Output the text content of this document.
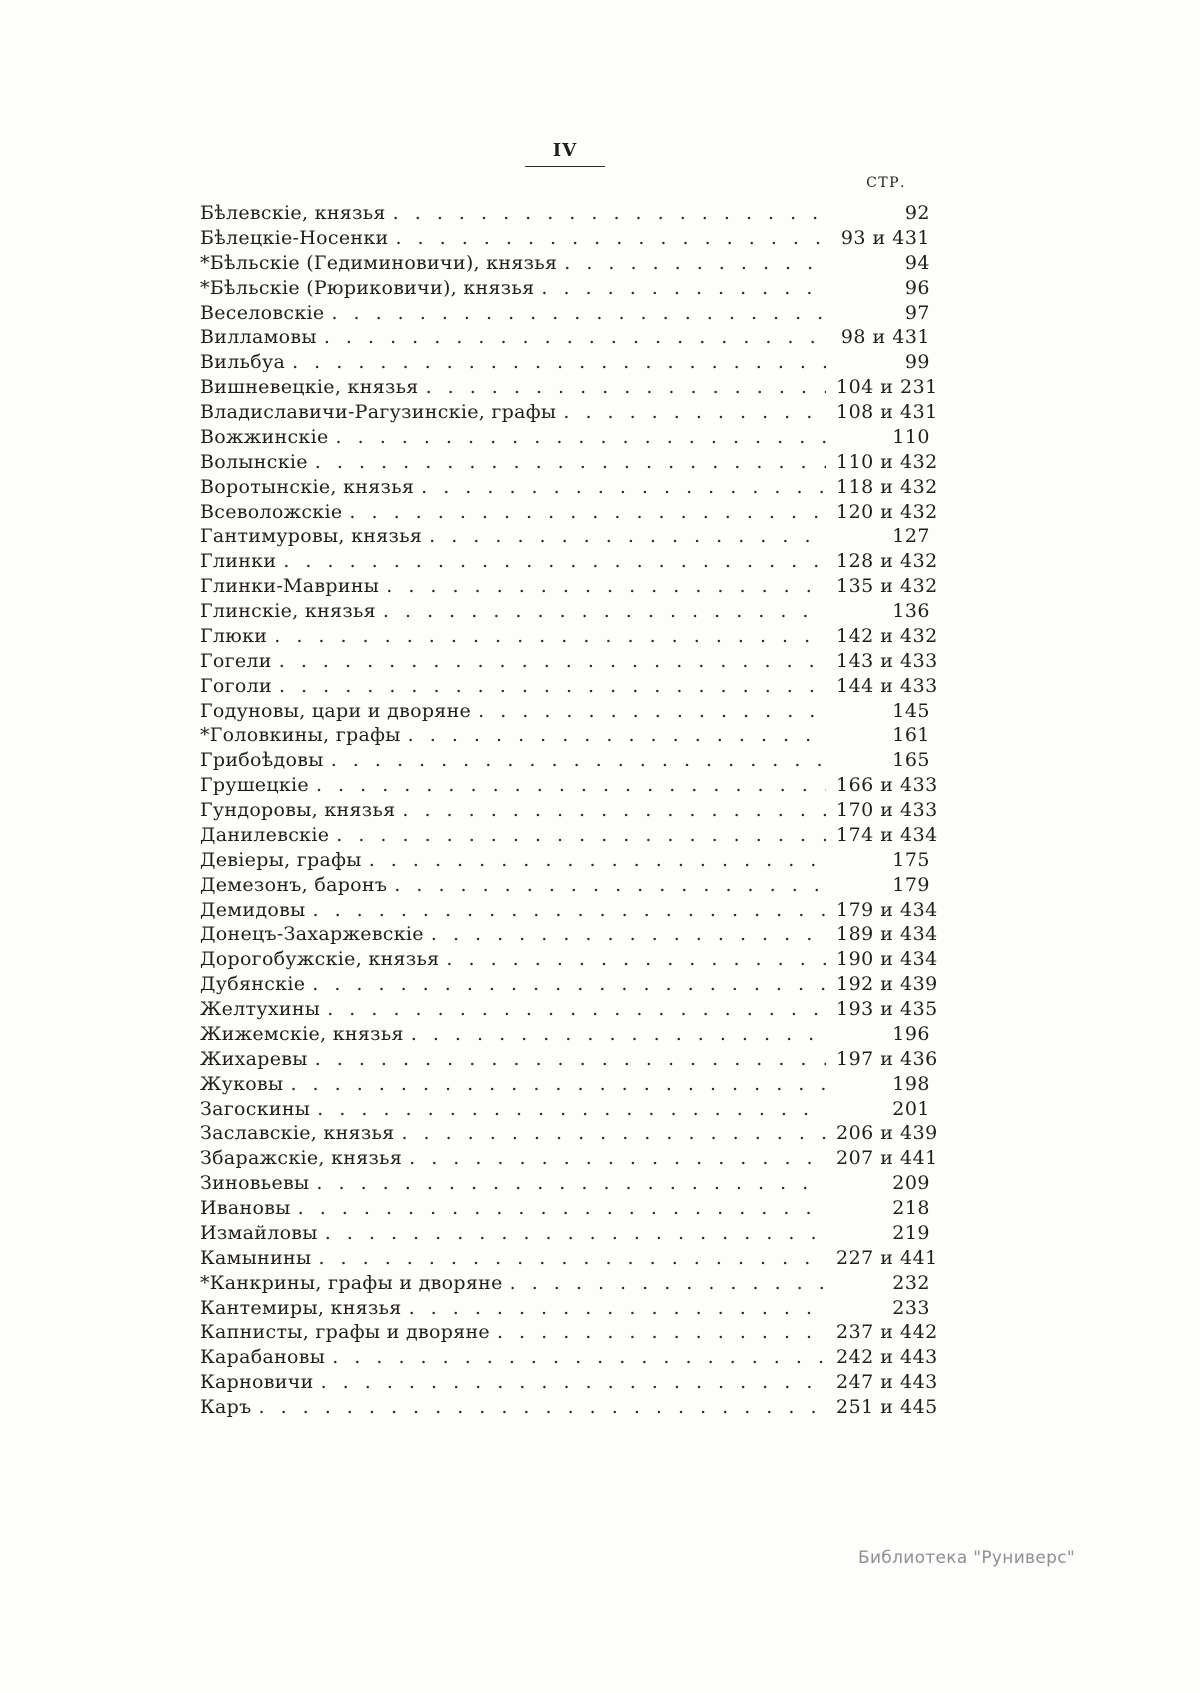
IV
СТР.
Бѣлевскіе, князья . . .	92
Бѣлецкіе-Носенки . . .	93 и 431
*Бѣльскіе (Гедиминовичи), князья . . .	94
*Бѣльскіе (Рюриковичи), князья . . .	96
Веселовскіе . . .	97
Вилламовы . . .	98 и 431
Вильбуа . . .	99
Вишневецкіе, князья . . .	104 и 231
Владиславичи-Рагузинскіе, графы . . .	108 и 431
Вожжинскіе . . .	110
Волынскіе . . .	110 и 432
Воротынскіе, князья . . .	118 и 432
Всеволожскіе . . .	120 и 432
Гантимуровы, князья . . .	127
Глинки . . .	128 и 432
Глинки-Маврины . . .	135 и 432
Глинскіе, князья . . .	136
Глюки . . .	142 и 432
Гогели . . .	143 и 433
Гоголи . . .	144 и 433
Годуновы, цари и дворяне . . .	145
*Головкины, графы . . .	161
Грибоѣдовы . . .	165
Грушецкіе . . .	166 и 433
Гундоровы, князья . . .	170 и 433
Данилевскіе . . .	174 и 434
Девіеры, графы . . .	175
Демезонъ, баронъ . . .	179
Демидовы . . .	179 и 434
Донецъ-Захаржевскіе . . .	189 и 434
Дорогобужскіе, князья . . .	190 и 434
Дубянскіе . . .	192 и 439
Желтухины . . .	193 и 435
Жижемскіе, князья . . .	196
Жихаревы . . .	197 и 436
Жуковы . . .	198
Загоскины . . .	201
Заславскіе, князья . . .	206 и 439
Збаражскіе, князья . . .	207 и 441
Зиновьевы . . .	209
Ивановы . . .	218
Измайловы . . .	219
Камынины . . .	227 и 441
*Канкрины, графы и дворяне . . .	232
Кантемиры, князья . . .	233
Капнисты, графы и дворяне . . .	237 и 442
Карабановы . . .	242 и 443
Карновичи . . .	247 и 443
Каръ . . .	251 и 445
Библиотека "Руниверс"
